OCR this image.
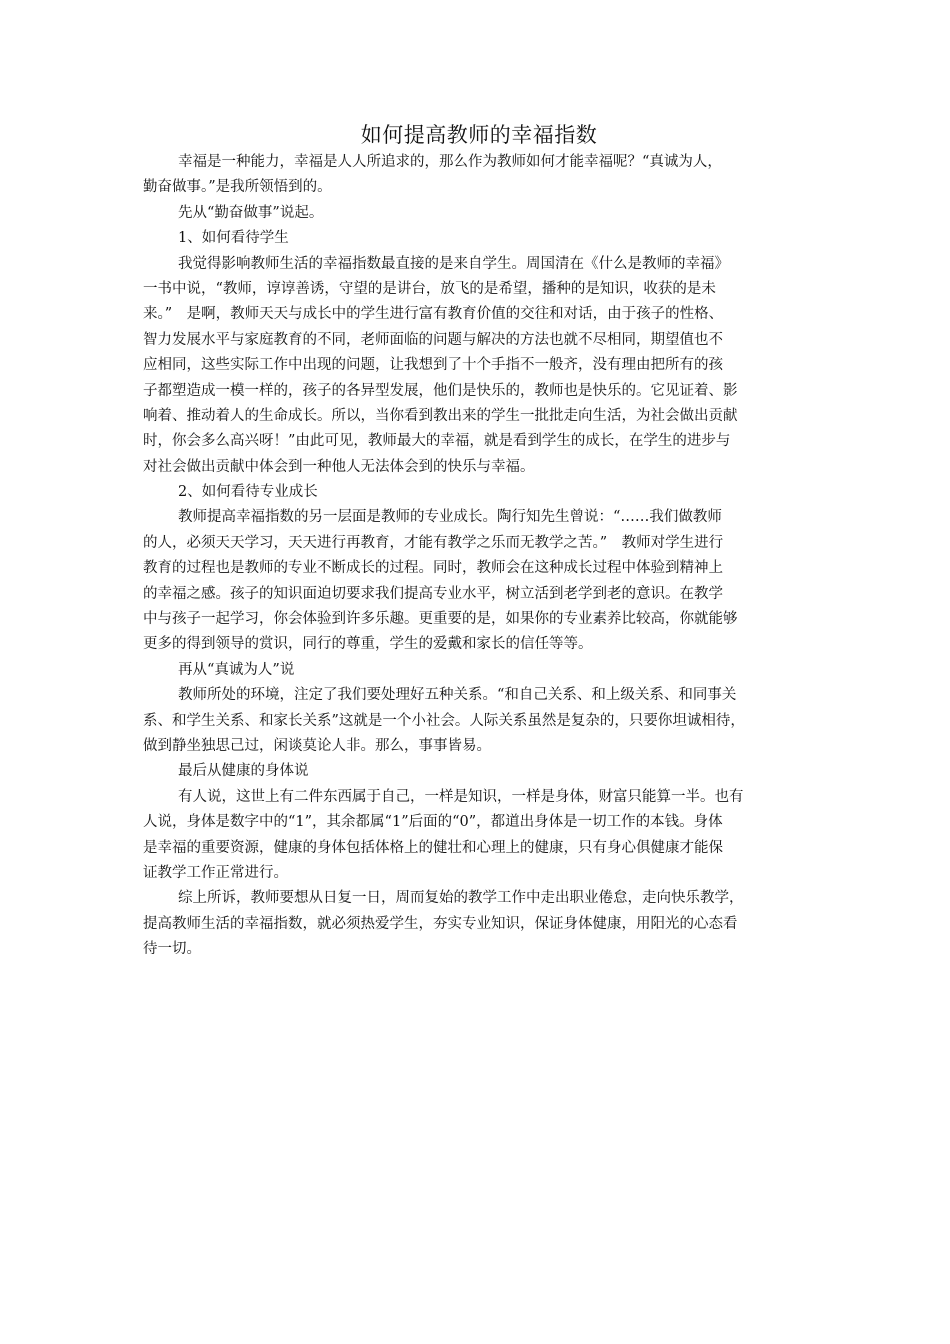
如何提高教师的幸福指数
幸福是一种能力，幸福是人人所追求的，那么作为教师如何才能幸福呢？“真诚为人，
勤奋做事。”是我所领悟到的。
先从“勤奋做事”说起。
1、如何看待学生
我觉得影响教师生活的幸福指数最直接的是来自学生。周国清在《什么是教师的幸福》
一书中说，“教师，谆谆善诱，守望的是讲台，放飞的是希望，播种的是知识，收获的是未
来。”　是啊，教师天天与成长中的学生进行富有教育价值的交往和对话，由于孩子的性格、
智力发展水平与家庭教育的不同，老师面临的问题与解决的方法也就不尽相同，期望值也不
应相同，这些实际工作中出现的问题，让我想到了十个手指不一般齐，没有理由把所有的孩
子都塑造成一模一样的，孩子的各异型发展，他们是快乐的，教师也是快乐的。它见证着、影
响着、推动着人的生命成长。所以，当你看到教出来的学生一批批走向生活，为社会做出贡献
时，你会多么高兴呀！”由此可见，教师最大的幸福，就是看到学生的成长，在学生的进步与
对社会做出贡献中体会到一种他人无法体会到的快乐与幸福。
2、如何看待专业成长
教师提高幸福指数的另一层面是教师的专业成长。陶行知先生曾说：“……我们做教师
的人，必须天天学习，天天进行再教育，才能有教学之乐而无教学之苦。”　教师对学生进行
教育的过程也是教师的专业不断成长的过程。同时，教师会在这种成长过程中体验到精神上
的幸福之感。孩子的知识面迫切要求我们提高专业水平，树立活到老学到老的意识。在教学
中与孩子一起学习，你会体验到许多乐趣。更重要的是，如果你的专业素养比较高，你就能够
更多的得到领导的赏识，同行的尊重，学生的爱戴和家长的信任等等。
再从“真诚为人”说
教师所处的环境，注定了我们要处理好五种关系。“和自己关系、和上级关系、和同事关
系、和学生关系、和家长关系”这就是一个小社会。人际关系虽然是复杂的，只要你坦诚相待，
做到静坐独思己过，闲谈莫论人非。那么，事事皆易。
最后从健康的身体说
有人说，这世上有二件东西属于自己，一样是知识，一样是身体，财富只能算一半。也有
人说，身体是数字中的“1”，其余都属“1”后面的“0”，都道出身体是一切工作的本钱。身体
是幸福的重要资源，健康的身体包括体格上的健壮和心理上的健康，只有身心俱健康才能保
证教学工作正常进行。
综上所诉，教师要想从日复一日，周而复始的教学工作中走出职业倦怠，走向快乐教学，
提高教师生活的幸福指数，就必须热爱学生，夯实专业知识，保证身体健康，用阳光的心态看
待一切。
